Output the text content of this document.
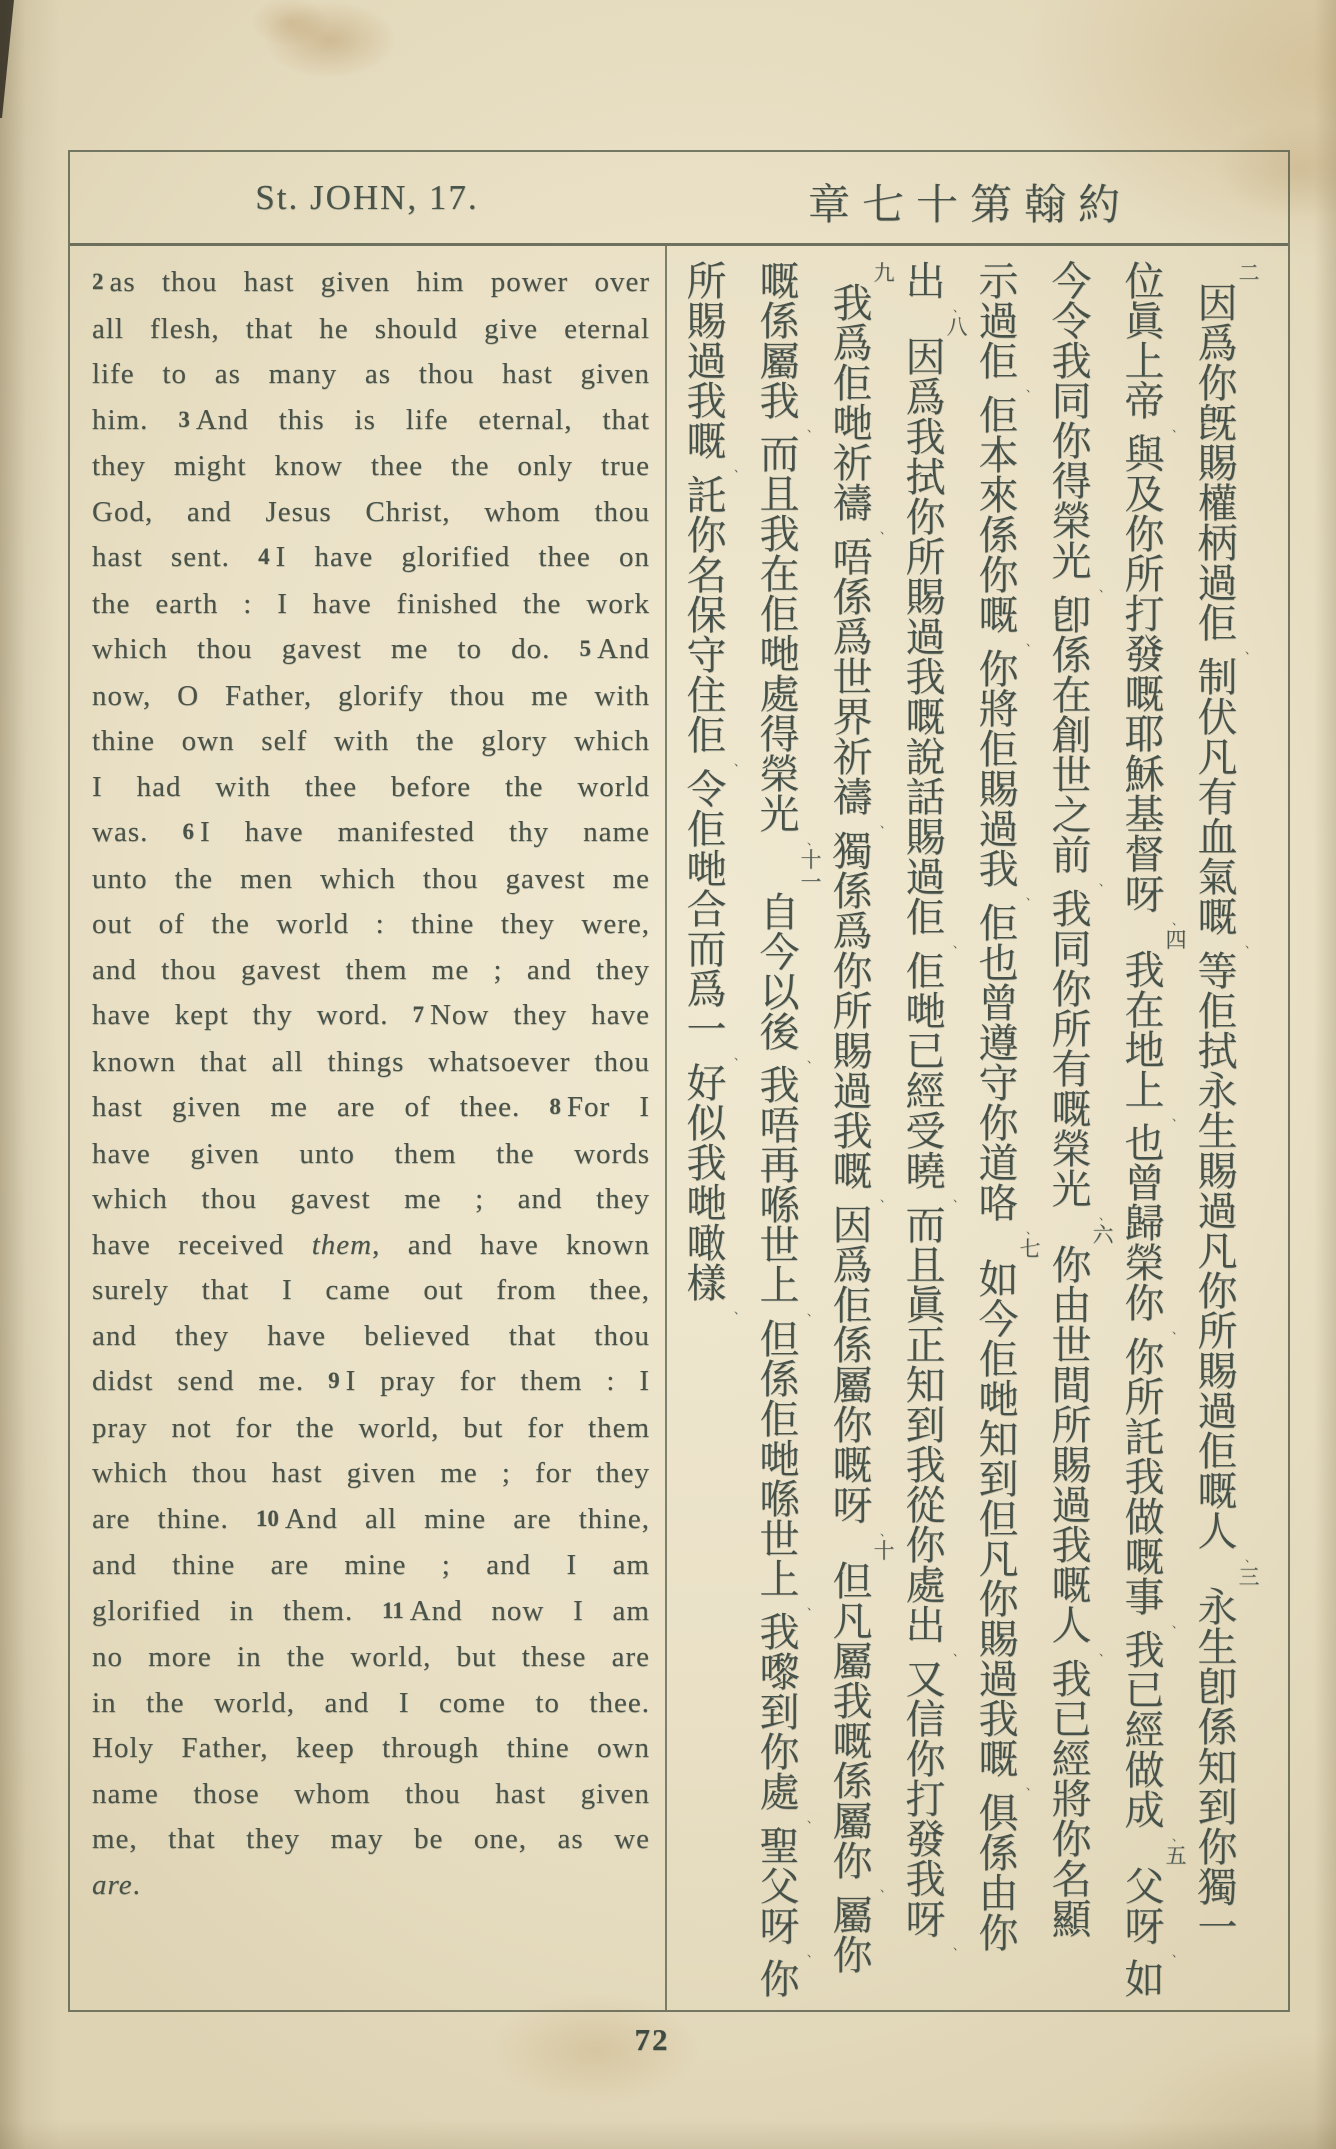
St. JOHN, 17.	章七十第翰約
2 as thou hast given him power over all flesh, that he should give eternal life to as many as thou hast given him. 3 And this is life eternal, that they might know thee the only true God, and Jesus Christ, whom thou hast sent. 4 I have glorified thee on the earth : I have finished the work which thou gavest me to do. 5 And now, O Father, glorify thou me with thine own self with the glory which I had with thee before the world was. 6 I have manifested thy name unto the men which thou gavest me out of the world : thine they were, and thou gavest them me ; and they have kept thy word. 7 Now they have known that all things whatsoever thou hast given me are of thee. 8 For I have given unto them the words which thou gavest me ; and they have received them, and have known surely that I came out from thee, and they have believed that thou didst send me. 9 I pray for them : I pray not for the world, but for them which thou hast given me ; for they are thine. 10 And all mine are thine, and thine are mine ; and I am glorified in them. 11 And now I am no more in the world, but these are in the world, and I come to thee. Holy Father, keep through thine own name those whom thou hast given me, that they may be one, as we are.
二
因
爲
你
旣
賜
權
柄
過
佢
、
制
伏
凡
有
血
氣
嘅
、
等
佢
拭
永
生
賜
過
凡
你
所
賜
過
佢
嘅
人
、
三
永
生
卽
係
知
到
你
獨
一
位
眞
上
帝
、
與
及
你
所
打
發
嘅
耶
穌
基
督
呀
、
四
我
在
地
上
、
也
曾
歸
榮
你
、
你
所
託
我
做
嘅
事
、
我
已
經
做
成
、
五
父
呀
、
如
今
令
我
同
你
得
榮
光
、
卽
係
在
創
世
之
前
、
我
同
你
所
有
嘅
榮
光
、
六
你
由
世
間
所
賜
過
我
嘅
人
、
我
已
經
將
你
名
顯
示
過
佢
、
佢
本
來
係
你
嘅
、
你
將
佢
賜
過
我
、
佢
也
曾
遵
守
你
道
咯
、
七
如
今
佢
哋
知
到
但
凡
你
賜
過
我
嘅
、
俱
係
由
你
出
、
八
因
爲
我
拭
你
所
賜
過
我
嘅
說
話
賜
過
佢
、
佢
哋
已
經
受
曉
、
而
且
眞
正
知
到
我
從
你
處
出
、
又
信
你
打
發
我
呀
、
九
我
爲
佢
哋
祈
禱
、
唔
係
爲
世
界
祈
禱
、
獨
係
爲
你
所
賜
過
我
嘅
、
因
爲
佢
係
屬
你
嘅
呀
、
十
但
凡
屬
我
嘅
係
屬
你
、
屬
你
嘅
係
屬
我
、
而
且
我
在
佢
哋
處
得
榮
光
、
十一
自
今
以
後
、
我
唔
再
喺
世
上
、
但
係
佢
哋
喺
世
上
、
我
嚟
到
你
處
、
聖
父
呀
、
你
所
賜
過
我
嘅
、
託
你
名
保
守
住
佢
、
令
佢
哋
合
而
爲
一
、
好
似
我
哋
噉
樣
、
72
